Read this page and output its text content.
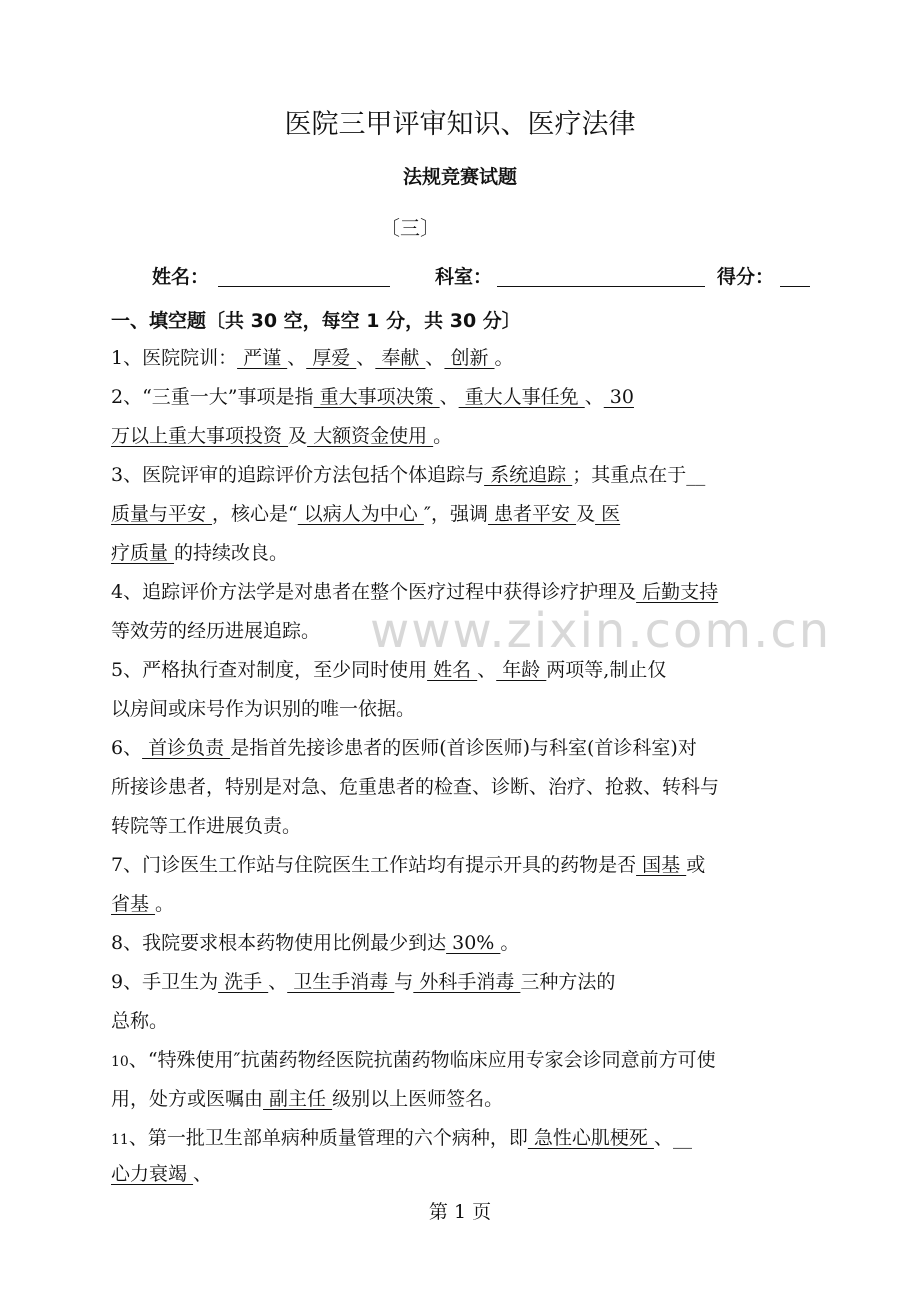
医院三甲评审知识、医疗法律
法规竞赛试题
〔三〕
姓名：	科室：	得分：
一、填空题〔共 30 空，每空 1 分，共 30 分〕
www.zixin.com.cn
1、医院院训： 严谨 、 厚爱 、 奉献 、 创新 。
2、“三重一大”事项是指 重大事项决策 、 重大人事任免 、 30
万以上重大事项投资 及 大额资金使用 。
3、医院评审的追踪评价方法包括个体追踪与 系统追踪 ；其重点在于__
质量与平安 ，核心是“ 以病人为中心 ″，强调 患者平安 及 医
疗质量 的持续改良。
4、追踪评价方法学是对患者在整个医疗过程中获得诊疗护理及 后勤支持
等效劳的经历进展追踪。
5、严格执行查对制度，至少同时使用 姓名 、 年龄 两项等,制止仅
以房间或床号作为识别的唯一依据。
6、 首诊负责 是指首先接诊患者的医师(首诊医师)与科室(首诊科室)对
所接诊患者，特别是对急、危重患者的检查、诊断、治疗、抢救、转科与
转院等工作进展负责。
7、门诊医生工作站与住院医生工作站均有提示开具的药物是否 国基 或
省基 。
8、我院要求根本药物使用比例最少到达 30% 。
9、手卫生为 洗手 、 卫生手消毒 与 外科手消毒 三种方法的
总称。
10、“特殊使用″抗菌药物经医院抗菌药物临床应用专家会诊同意前方可使
用，处方或医嘱由 副主任 级别以上医师签名。
11、第一批卫生部单病种质量管理的六个病种，即 急性心肌梗死 、__
心力衰竭 、
第 1 页
